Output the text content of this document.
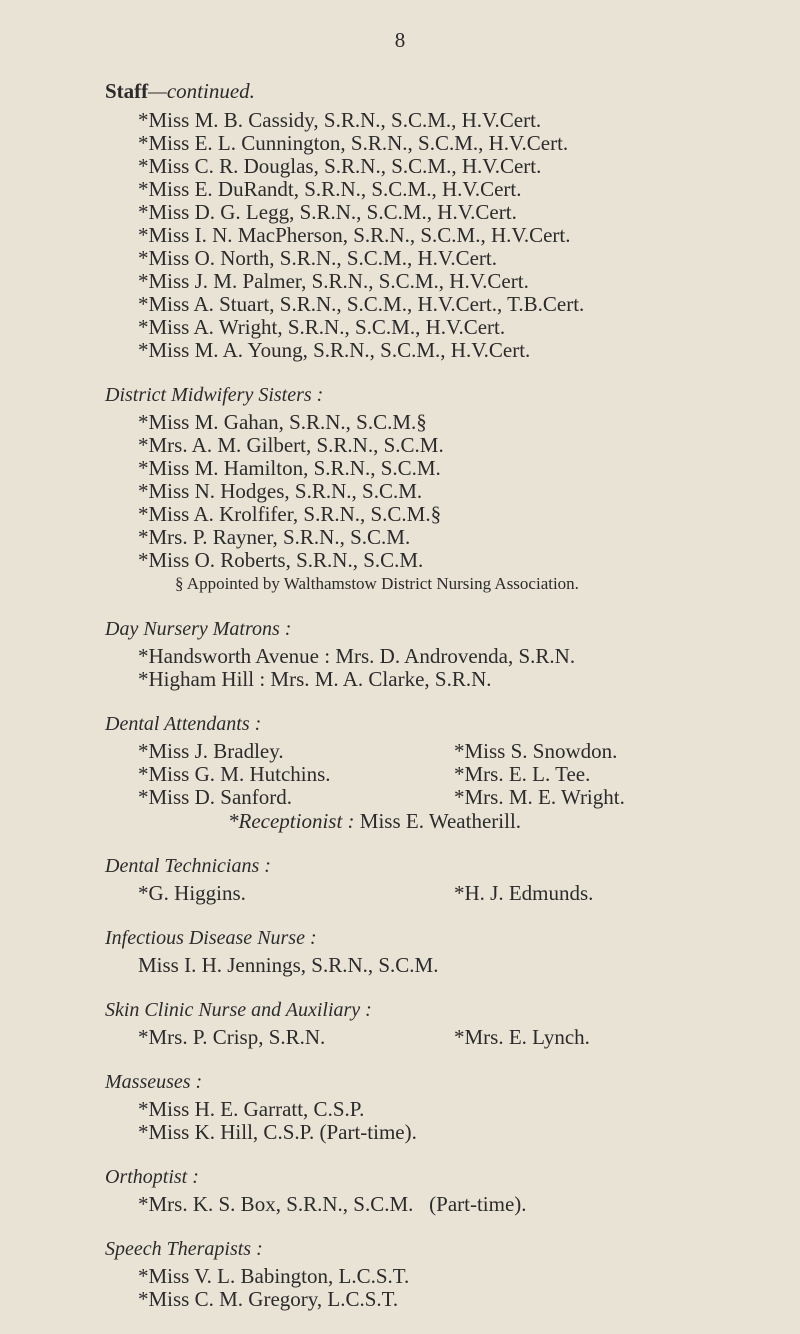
8
Staff—continued.
*Miss M. B. Cassidy, S.R.N., S.C.M., H.V.Cert.
*Miss E. L. Cunnington, S.R.N., S.C.M., H.V.Cert.
*Miss C. R. Douglas, S.R.N., S.C.M., H.V.Cert.
*Miss E. DuRandt, S.R.N., S.C.M., H.V.Cert.
*Miss D. G. Legg, S.R.N., S.C.M., H.V.Cert.
*Miss I. N. MacPherson, S.R.N., S.C.M., H.V.Cert.
*Miss O. North, S.R.N., S.C.M., H.V.Cert.
*Miss J. M. Palmer, S.R.N., S.C.M., H.V.Cert.
*Miss A. Stuart, S.R.N., S.C.M., H.V.Cert., T.B.Cert.
*Miss A. Wright, S.R.N., S.C.M., H.V.Cert.
*Miss M. A. Young, S.R.N., S.C.M., H.V.Cert.
District Midwifery Sisters :
*Miss M. Gahan, S.R.N., S.C.M.§
*Mrs. A. M. Gilbert, S.R.N., S.C.M.
*Miss M. Hamilton, S.R.N., S.C.M.
*Miss N. Hodges, S.R.N., S.C.M.
*Miss A. Krolfifer, S.R.N., S.C.M.§
*Mrs. P. Rayner, S.R.N., S.C.M.
*Miss O. Roberts, S.R.N., S.C.M.
§ Appointed by Walthamstow District Nursing Association.
Day Nursery Matrons :
*Handsworth Avenue : Mrs. D. Androvenda, S.R.N.
*Higham Hill : Mrs. M. A. Clarke, S.R.N.
Dental Attendants :
*Miss J. Bradley.	*Miss S. Snowdon.
*Miss G. M. Hutchins.	*Mrs. E. L. Tee.
*Miss D. Sanford.	*Mrs. M. E. Wright.
*Receptionist : Miss E. Weatherill.
Dental Technicians :
*G. Higgins.	*H. J. Edmunds.
Infectious Disease Nurse :
Miss I. H. Jennings, S.R.N., S.C.M.
Skin Clinic Nurse and Auxiliary :
*Mrs. P. Crisp, S.R.N.	*Mrs. E. Lynch.
Masseuses :
*Miss H. E. Garratt, C.S.P.
*Miss K. Hill, C.S.P. (Part-time).
Orthoptist :
*Mrs. K. S. Box, S.R.N., S.C.M.   (Part-time).
Speech Therapists :
*Miss V. L. Babington, L.C.S.T.
*Miss C. M. Gregory, L.C.S.T.
